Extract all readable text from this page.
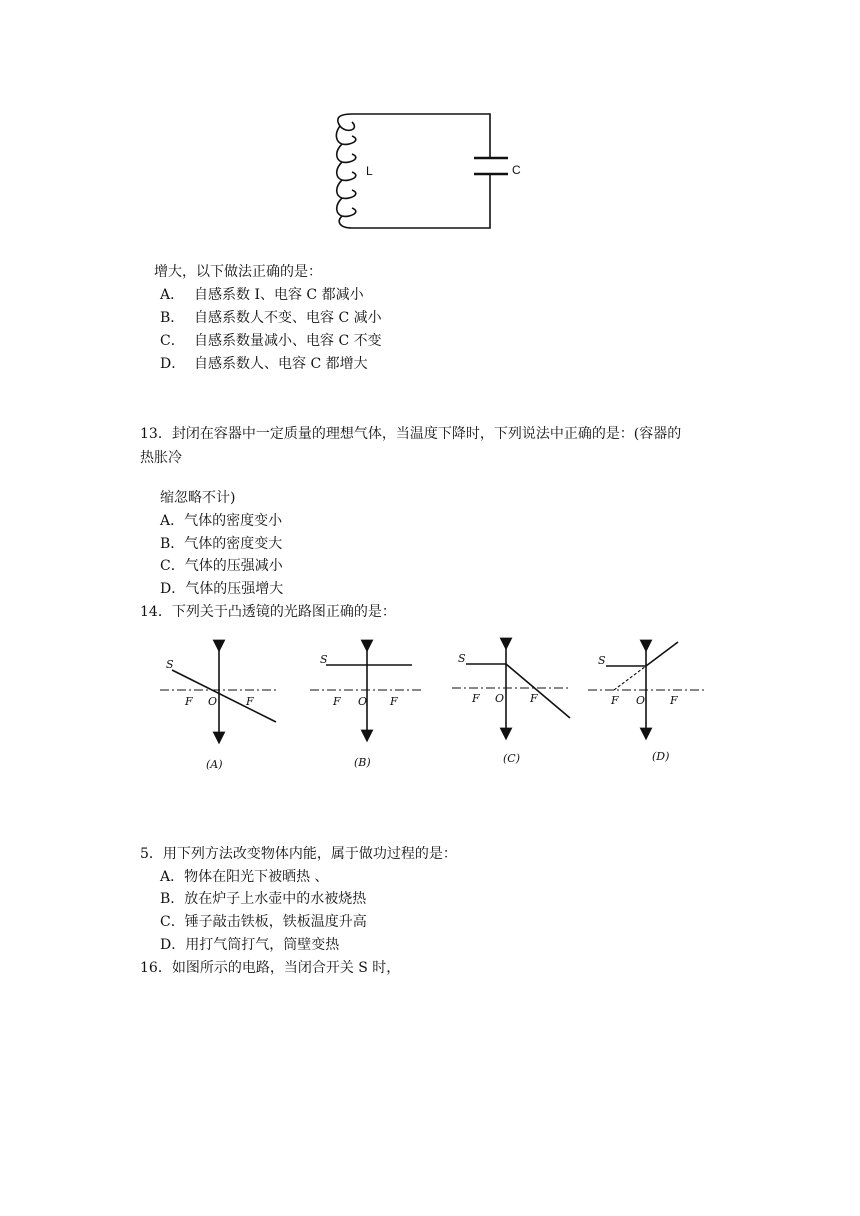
L	C
增大，以下做法正确的是：
A． 自感系数 I、电容 C 都减小
B． 自感系数人不变、电容 C 减小
C． 自感系数量减小、电容 C 不变
D． 自感系数人、电容 C 都增大
13．封闭在容器中一定质量的理想气体，当温度下降时，下列说法中正确的是：(容器的
热胀冷
缩忽略不计)
A．气体的密度变小
B．气体的密度变大
C．气体的压强减小
D．气体的压强增大
14．下列关于凸透镜的光路图正确的是：
S
F O	F
(A)
S
F O F
(B)
S
F O F
(C)
S
F O F
(D)
5．用下列方法改变物体内能，属于做功过程的是：
A．物体在阳光下被晒热 、
B．放在炉子上水壶中的水被烧热
C．锤子敲击铁板，铁板温度升高
D．用打气筒打气，筒壁变热
16．如图所示的电路，当闭合开关 S 时，
